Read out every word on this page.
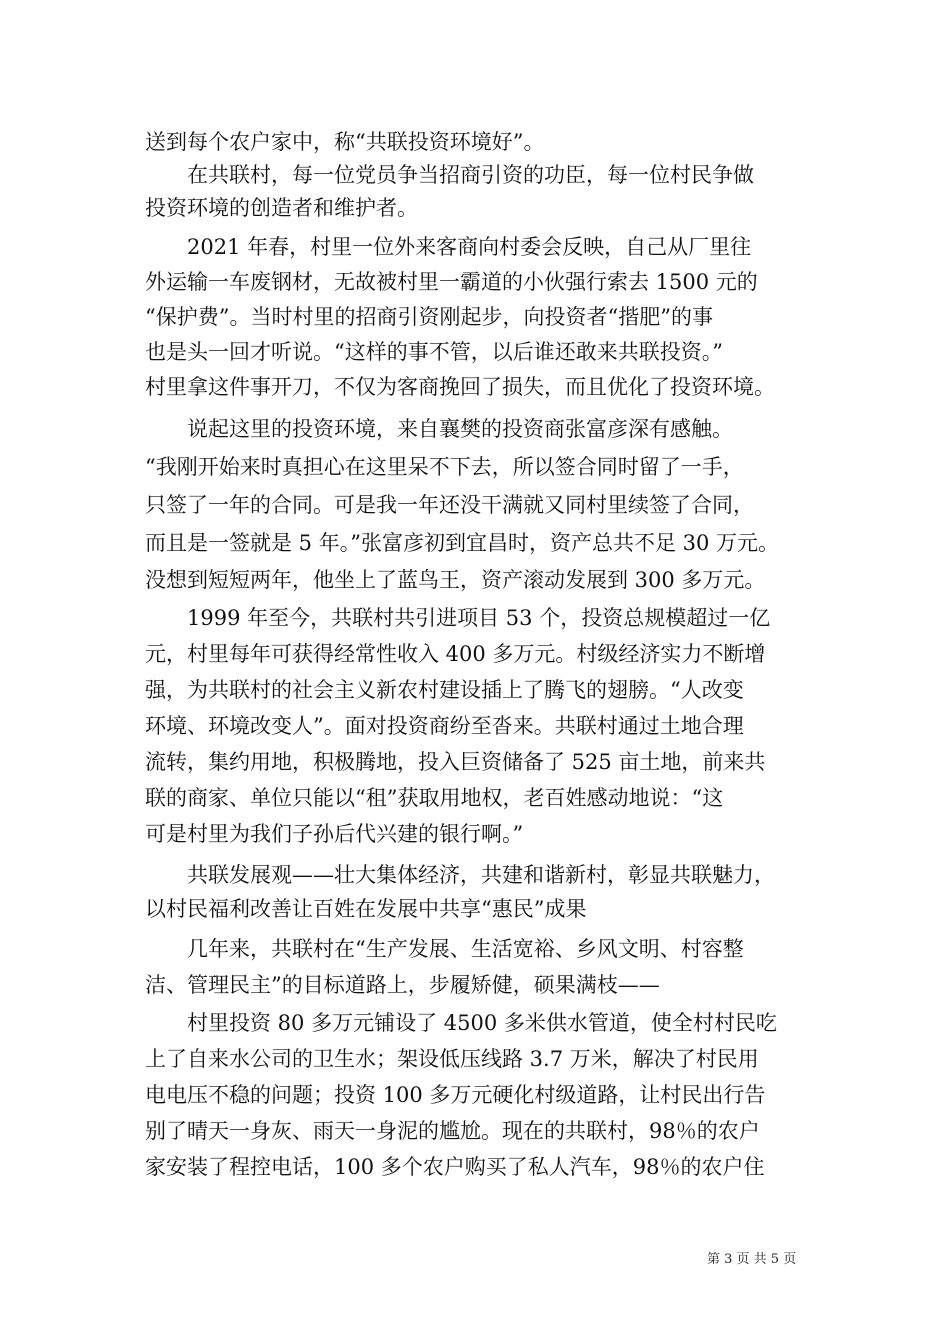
送到每个农户家中，称“共联投资环境好”。
　　在共联村，每一位党员争当招商引资的功臣，每一位村民争做
投资环境的创造者和维护者。
　　2021 年春，村里一位外来客商向村委会反映，自己从厂里往
外运输一车废钢材，无故被村里一霸道的小伙强行索去 1500 元的
“保护费”。当时村里的招商引资刚起步，向投资者“揩肥”的事
也是头一回才听说。“这样的事不管，以后谁还敢来共联投资。”
村里拿这件事开刀，不仅为客商挽回了损失，而且优化了投资环境。
　　说起这里的投资环境，来自襄樊的投资商张富彦深有感触。
“我刚开始来时真担心在这里呆不下去，所以签合同时留了一手，
只签了一年的合同。可是我一年还没干满就又同村里续签了合同，
而且是一签就是 5 年。”张富彦初到宜昌时，资产总共不足 30 万元。
没想到短短两年，他坐上了蓝鸟王，资产滚动发展到 300 多万元。
　　1999 年至今，共联村共引进项目 53 个，投资总规模超过一亿
元，村里每年可获得经常性收入 400 多万元。村级经济实力不断增
强，为共联村的社会主义新农村建设插上了腾飞的翅膀。“人改变
环境、环境改变人”。面对投资商纷至沓来。共联村通过土地合理
流转，集约用地，积极腾地，投入巨资储备了 525 亩土地，前来共
联的商家、单位只能以“租”获取用地权，老百姓感动地说：“这
可是村里为我们子孙后代兴建的银行啊。”
　　共联发展观——壮大集体经济，共建和谐新村，彰显共联魅力，
以村民福利改善让百姓在发展中共享“惠民”成果
　　几年来，共联村在“生产发展、生活宽裕、乡风文明、村容整
洁、管理民主”的目标道路上，步履矫健，硕果满枝——
　　村里投资 80 多万元铺设了 4500 多米供水管道，使全村村民吃
上了自来水公司的卫生水；架设低压线路 3.7 万米，解决了村民用
电电压不稳的问题；投资 100 多万元硬化村级道路，让村民出行告
别了晴天一身灰、雨天一身泥的尴尬。现在的共联村，98％的农户
家安装了程控电话，100 多个农户购买了私人汽车，98％的农户住
第 3 页 共 5 页
